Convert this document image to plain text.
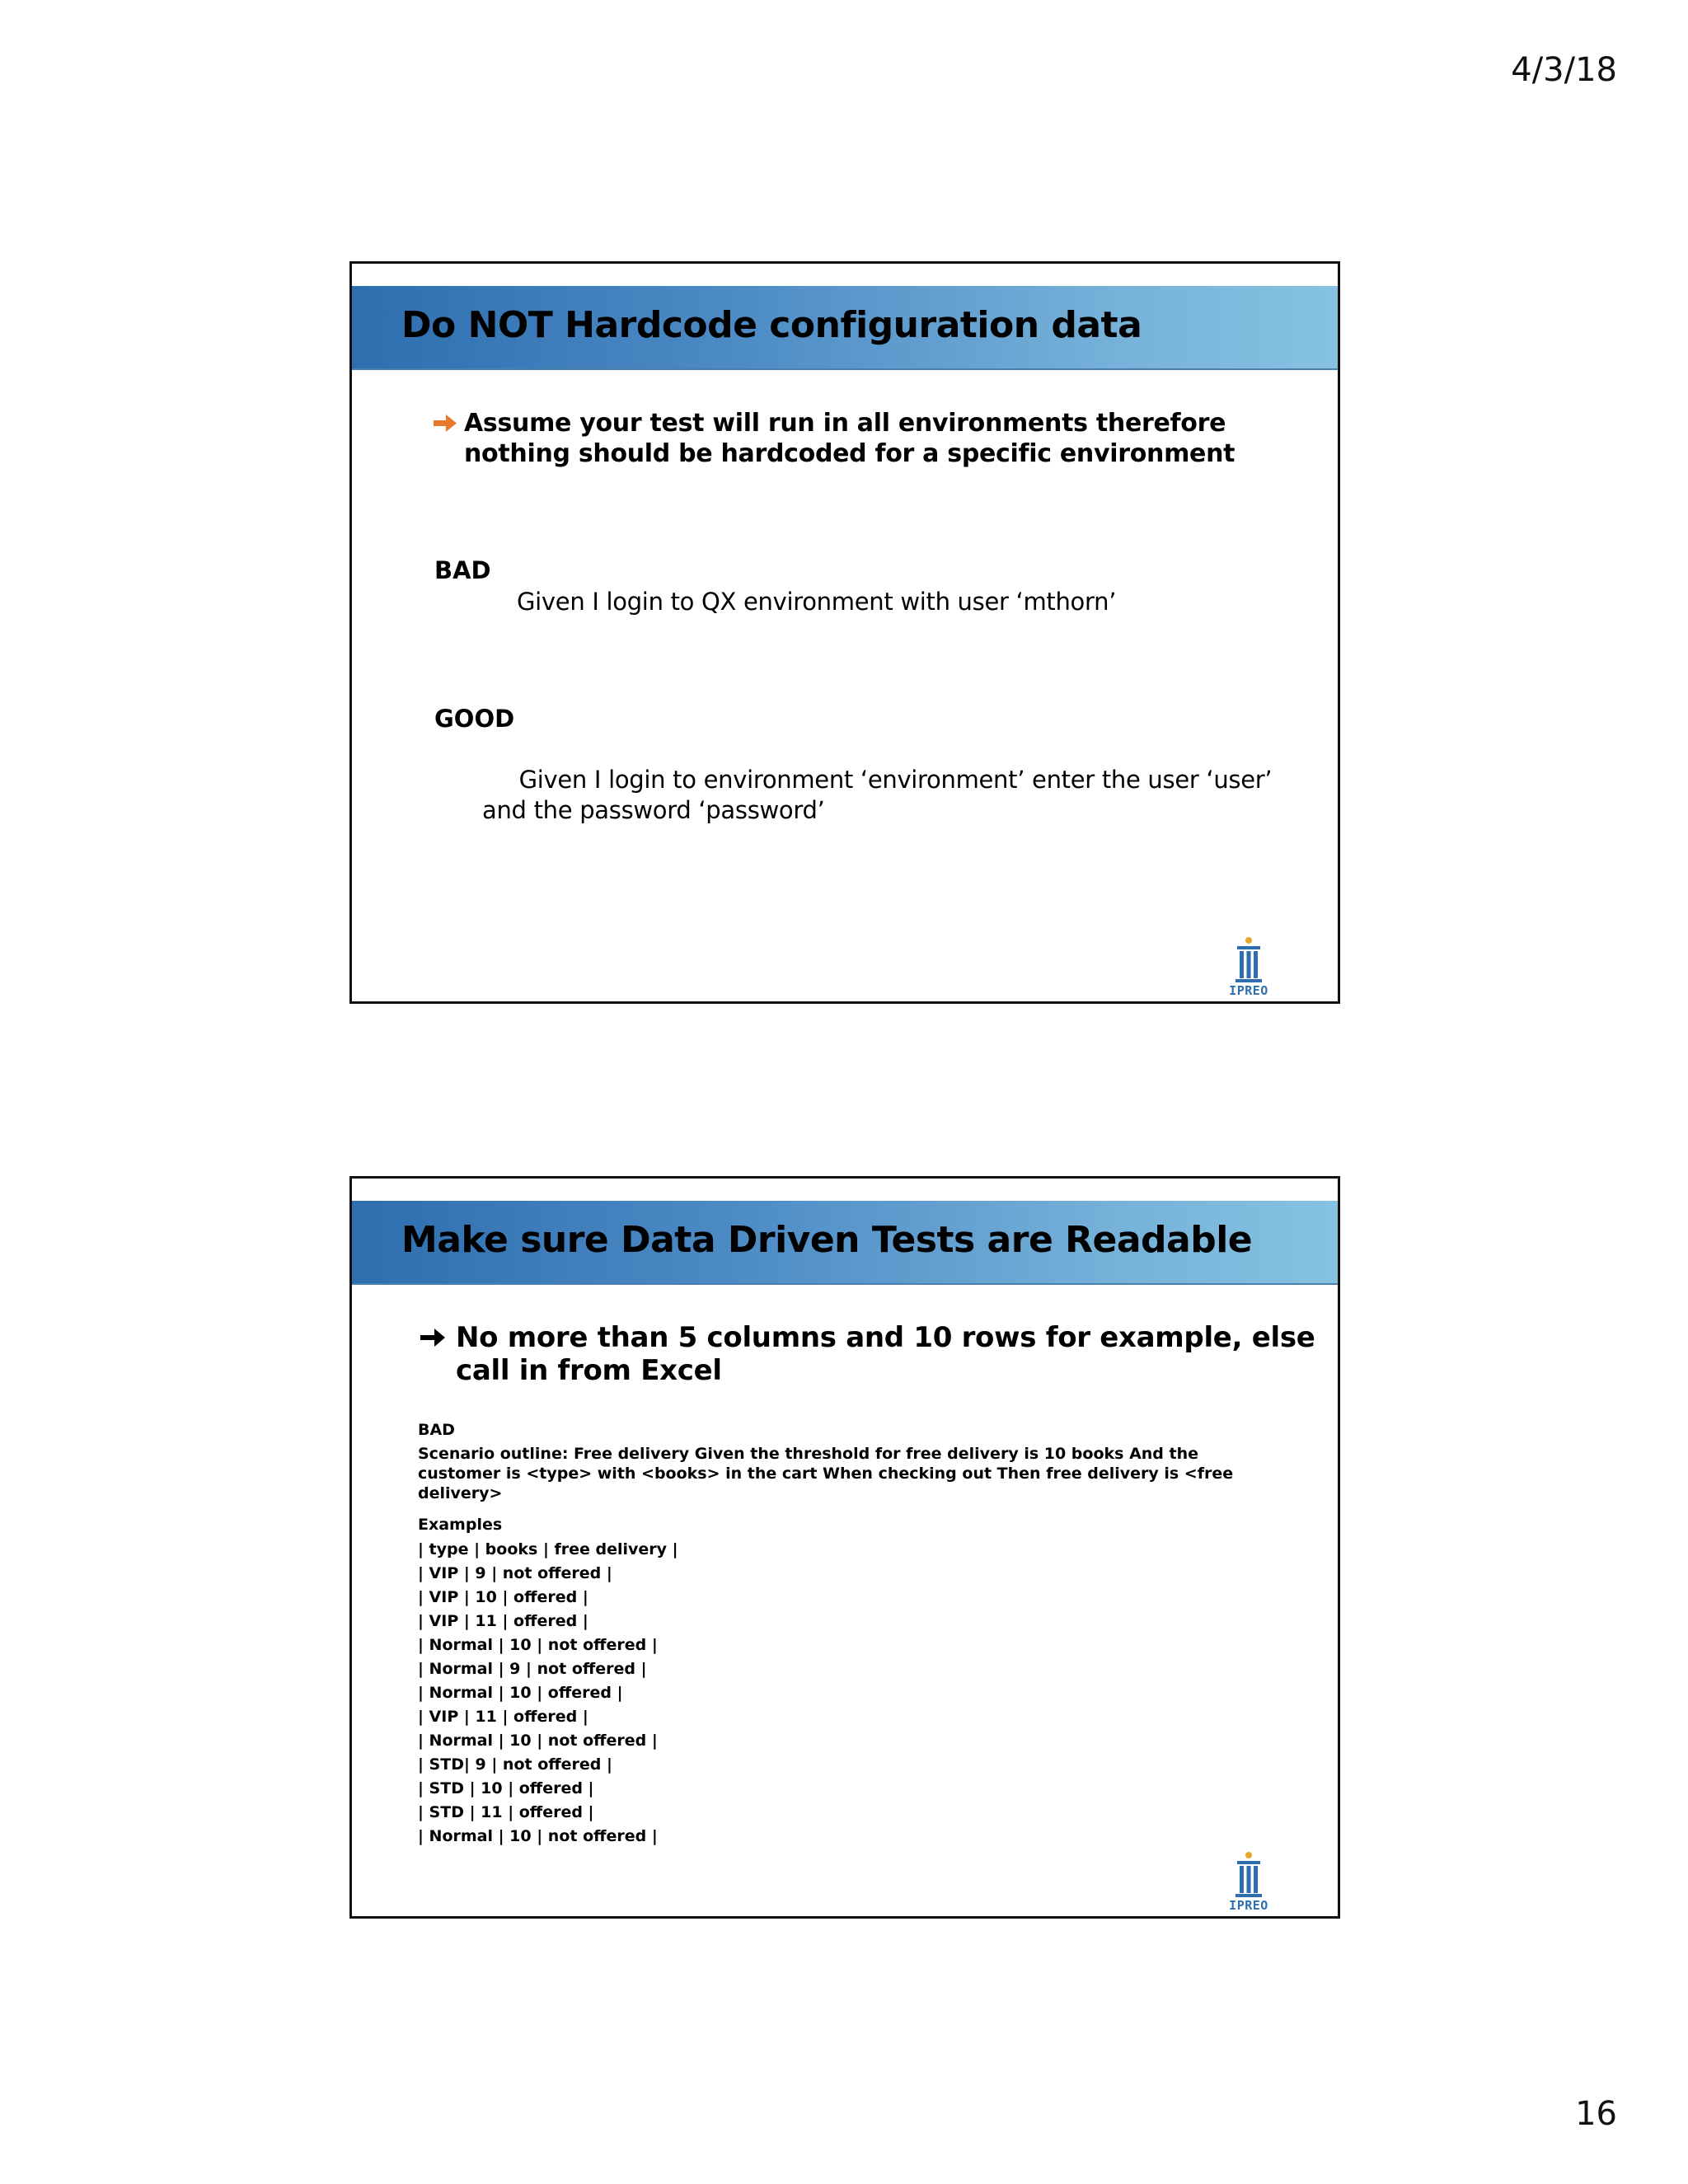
4/3/18
Do NOT Hardcode configuration data
Assume your test will run in all environments therefore
nothing should be hardcoded for a specific environment
BAD
Given I login to QX environment with user ‘mthorn’
GOOD
Given I login to environment ‘environment’ enter the user ‘user’
and the password ‘password’
IPREO
Make sure Data Driven Tests are Readable
No more than 5 columns and 10 rows for example, else
call in from Excel
BAD
Scenario outline: Free delivery Given the threshold for free delivery is 10 books And the customer is <type> with <books> in the cart When checking out Then free delivery is <free delivery>
Examples
| type | books | free delivery |
| VIP | 9 | not offered |
| VIP | 10 | offered |
| VIP | 11 | offered |
| Normal | 10 | not offered |
| Normal | 9 | not offered |
| Normal | 10 | offered |
| VIP | 11 | offered |
| Normal | 10 | not offered |
| STD| 9 | not offered |
| STD | 10 | offered |
| STD | 11 | offered |
| Normal | 10 | not offered |
IPREO
16
